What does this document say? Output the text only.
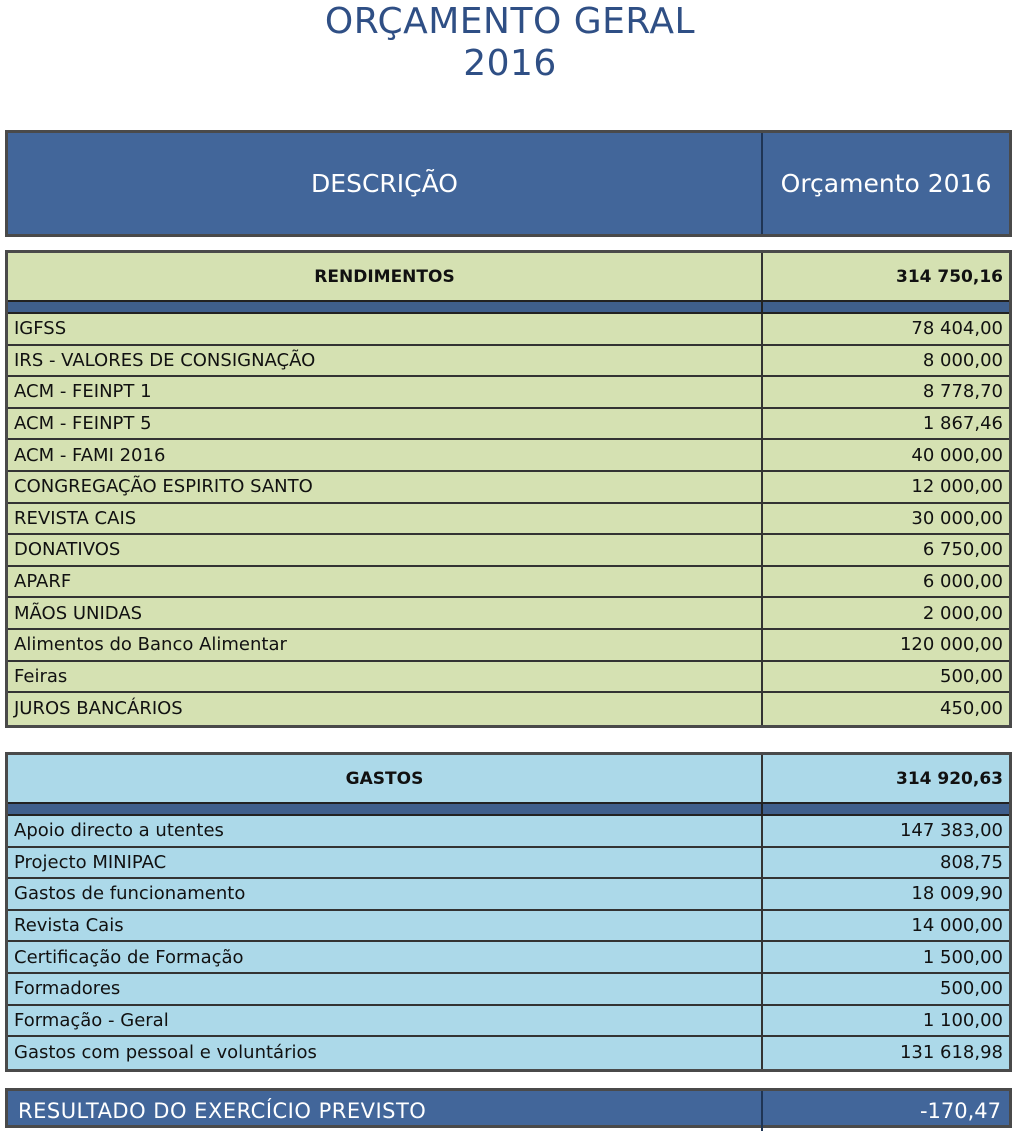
ORÇAMENTO GERAL
2016
DESCRIÇÃO	Orçamento 2016
RENDIMENTOS	314 750,16
IGFSS	78 404,00
IRS - VALORES DE CONSIGNAÇÃO	8 000,00
ACM - FEINPT 1	8 778,70
ACM - FEINPT 5	1 867,46
ACM - FAMI 2016	40 000,00
CONGREGAÇÃO ESPIRITO SANTO	12 000,00
REVISTA CAIS	30 000,00
DONATIVOS	6 750,00
APARF	6 000,00
MÃOS UNIDAS	2 000,00
Alimentos do Banco Alimentar	120 000,00
Feiras	500,00
JUROS BANCÁRIOS	450,00
GASTOS	314 920,63
Apoio directo a utentes	147 383,00
Projecto MINIPAC	808,75
Gastos de funcionamento	18 009,90
Revista Cais	14 000,00
Certificação de Formação	1 500,00
Formadores	500,00
Formação - Geral	1 100,00
Gastos com pessoal e voluntários	131 618,98
RESULTADO DO EXERCÍCIO PREVISTO	-170,47
